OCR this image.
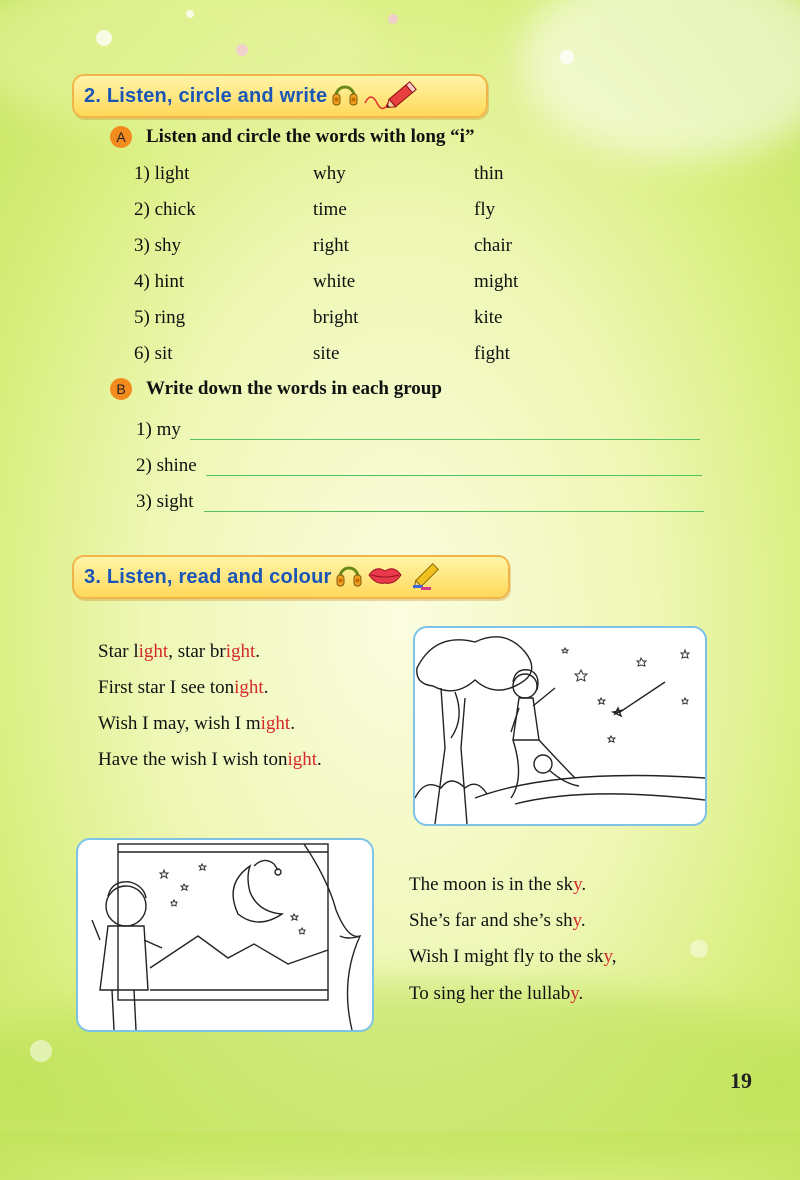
2. Listen, circle and write
A	Listen and circle the words with long “i”
1) light	why	thin
2) chick	time	fly
3) shy	right	chair
4) hint	white	might
5) ring	bright	kite
6) sit	site	fight
B	Write down the words in each group
1) my
2) shine
3) sight
3. Listen, read and colour
Star light, star bright.
First star I see tonight.
Wish I may, wish I might.
Have the wish I wish tonight.
The moon is in the sky.
She’s far and she’s shy.
Wish I might fly to the sky,
To sing her the lullaby.
19
